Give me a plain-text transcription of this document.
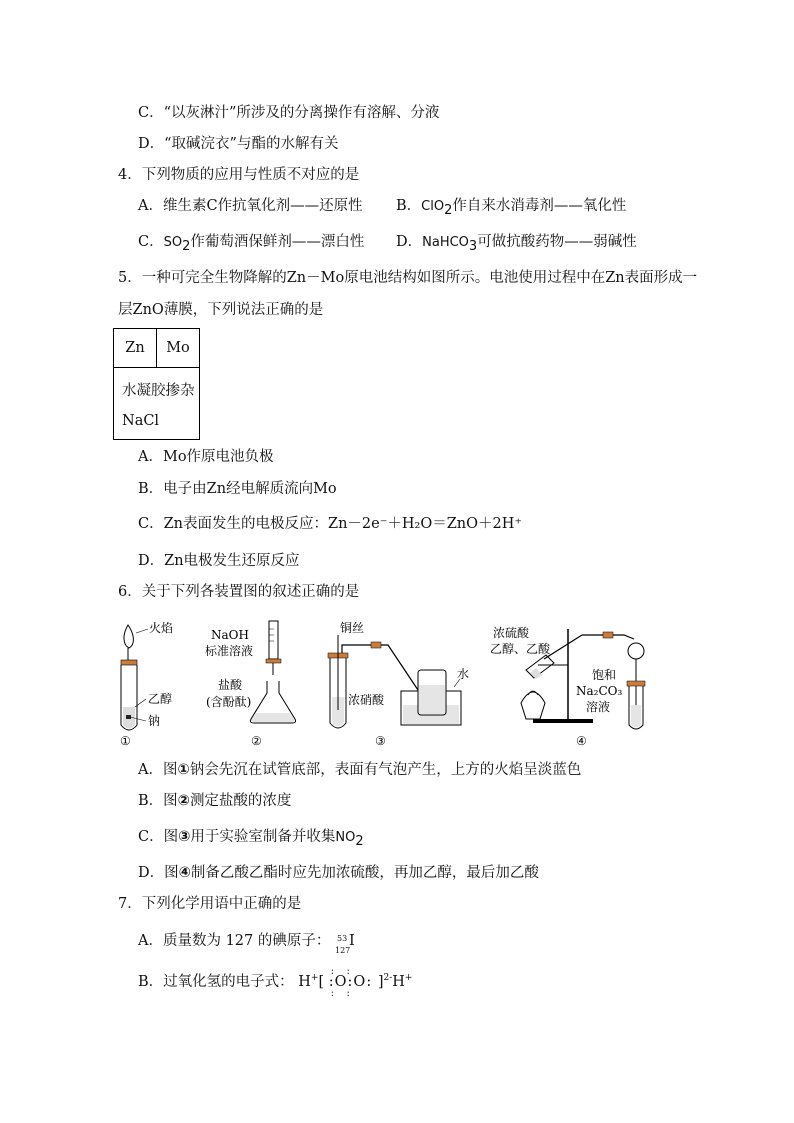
C．“以灰淋汁”所涉及的分离操作有溶解、分液
D．“取碱浣衣”与酯的水解有关
4．下列物质的应用与性质不对应的是
A．维生素C作抗氧化剂——还原性 B．ClO$_2$作自来水消毒剂——氧化性
C．$SO_2$作葡萄酒保鲜剂——漂白性 D．NaHCO$_3$可做抗酸药物——弱碱性
5．一种可完全生物降解的Zn－Mo原电池结构如图所示。电池使用过程中在Zn表面形成一
层ZnO薄膜，下列说法正确的是
Zn	Mo
水凝胶掺杂
NaCl
A．Mo作原电池负极
B．电子由Zn经电解质流向Mo
C．Zn表面发生的电极反应：Zn－2e⁻＋H₂O＝ZnO＋2H⁺
D．Zn电极发生还原反应
6．关于下列各装置图的叙述正确的是
火焰
乙醇
钠
①
NaOH
标准溶液
盐酸
(含酚酞)
②
铜丝
浓硝酸
水
③
浓硫酸
乙醇、乙酸
饱和
Na₂CO₃
溶液
④
A．图①钠会先沉在试管底部，表面有气泡产生，上方的火焰呈淡蓝色
B．图②测定盐酸的浓度
C．图③用于实验室制备并收集$NO_2$
D．图④制备乙酸乙酯时应先加浓硫酸，再加乙醇，最后加乙酸
7．下列化学用语中正确的是
A．质量数为 127 的碘原子： 53
127
I
B．过氧化氢的电子式： H+[
:  :
:  :
:O:O: ]$^{2-}$H+
